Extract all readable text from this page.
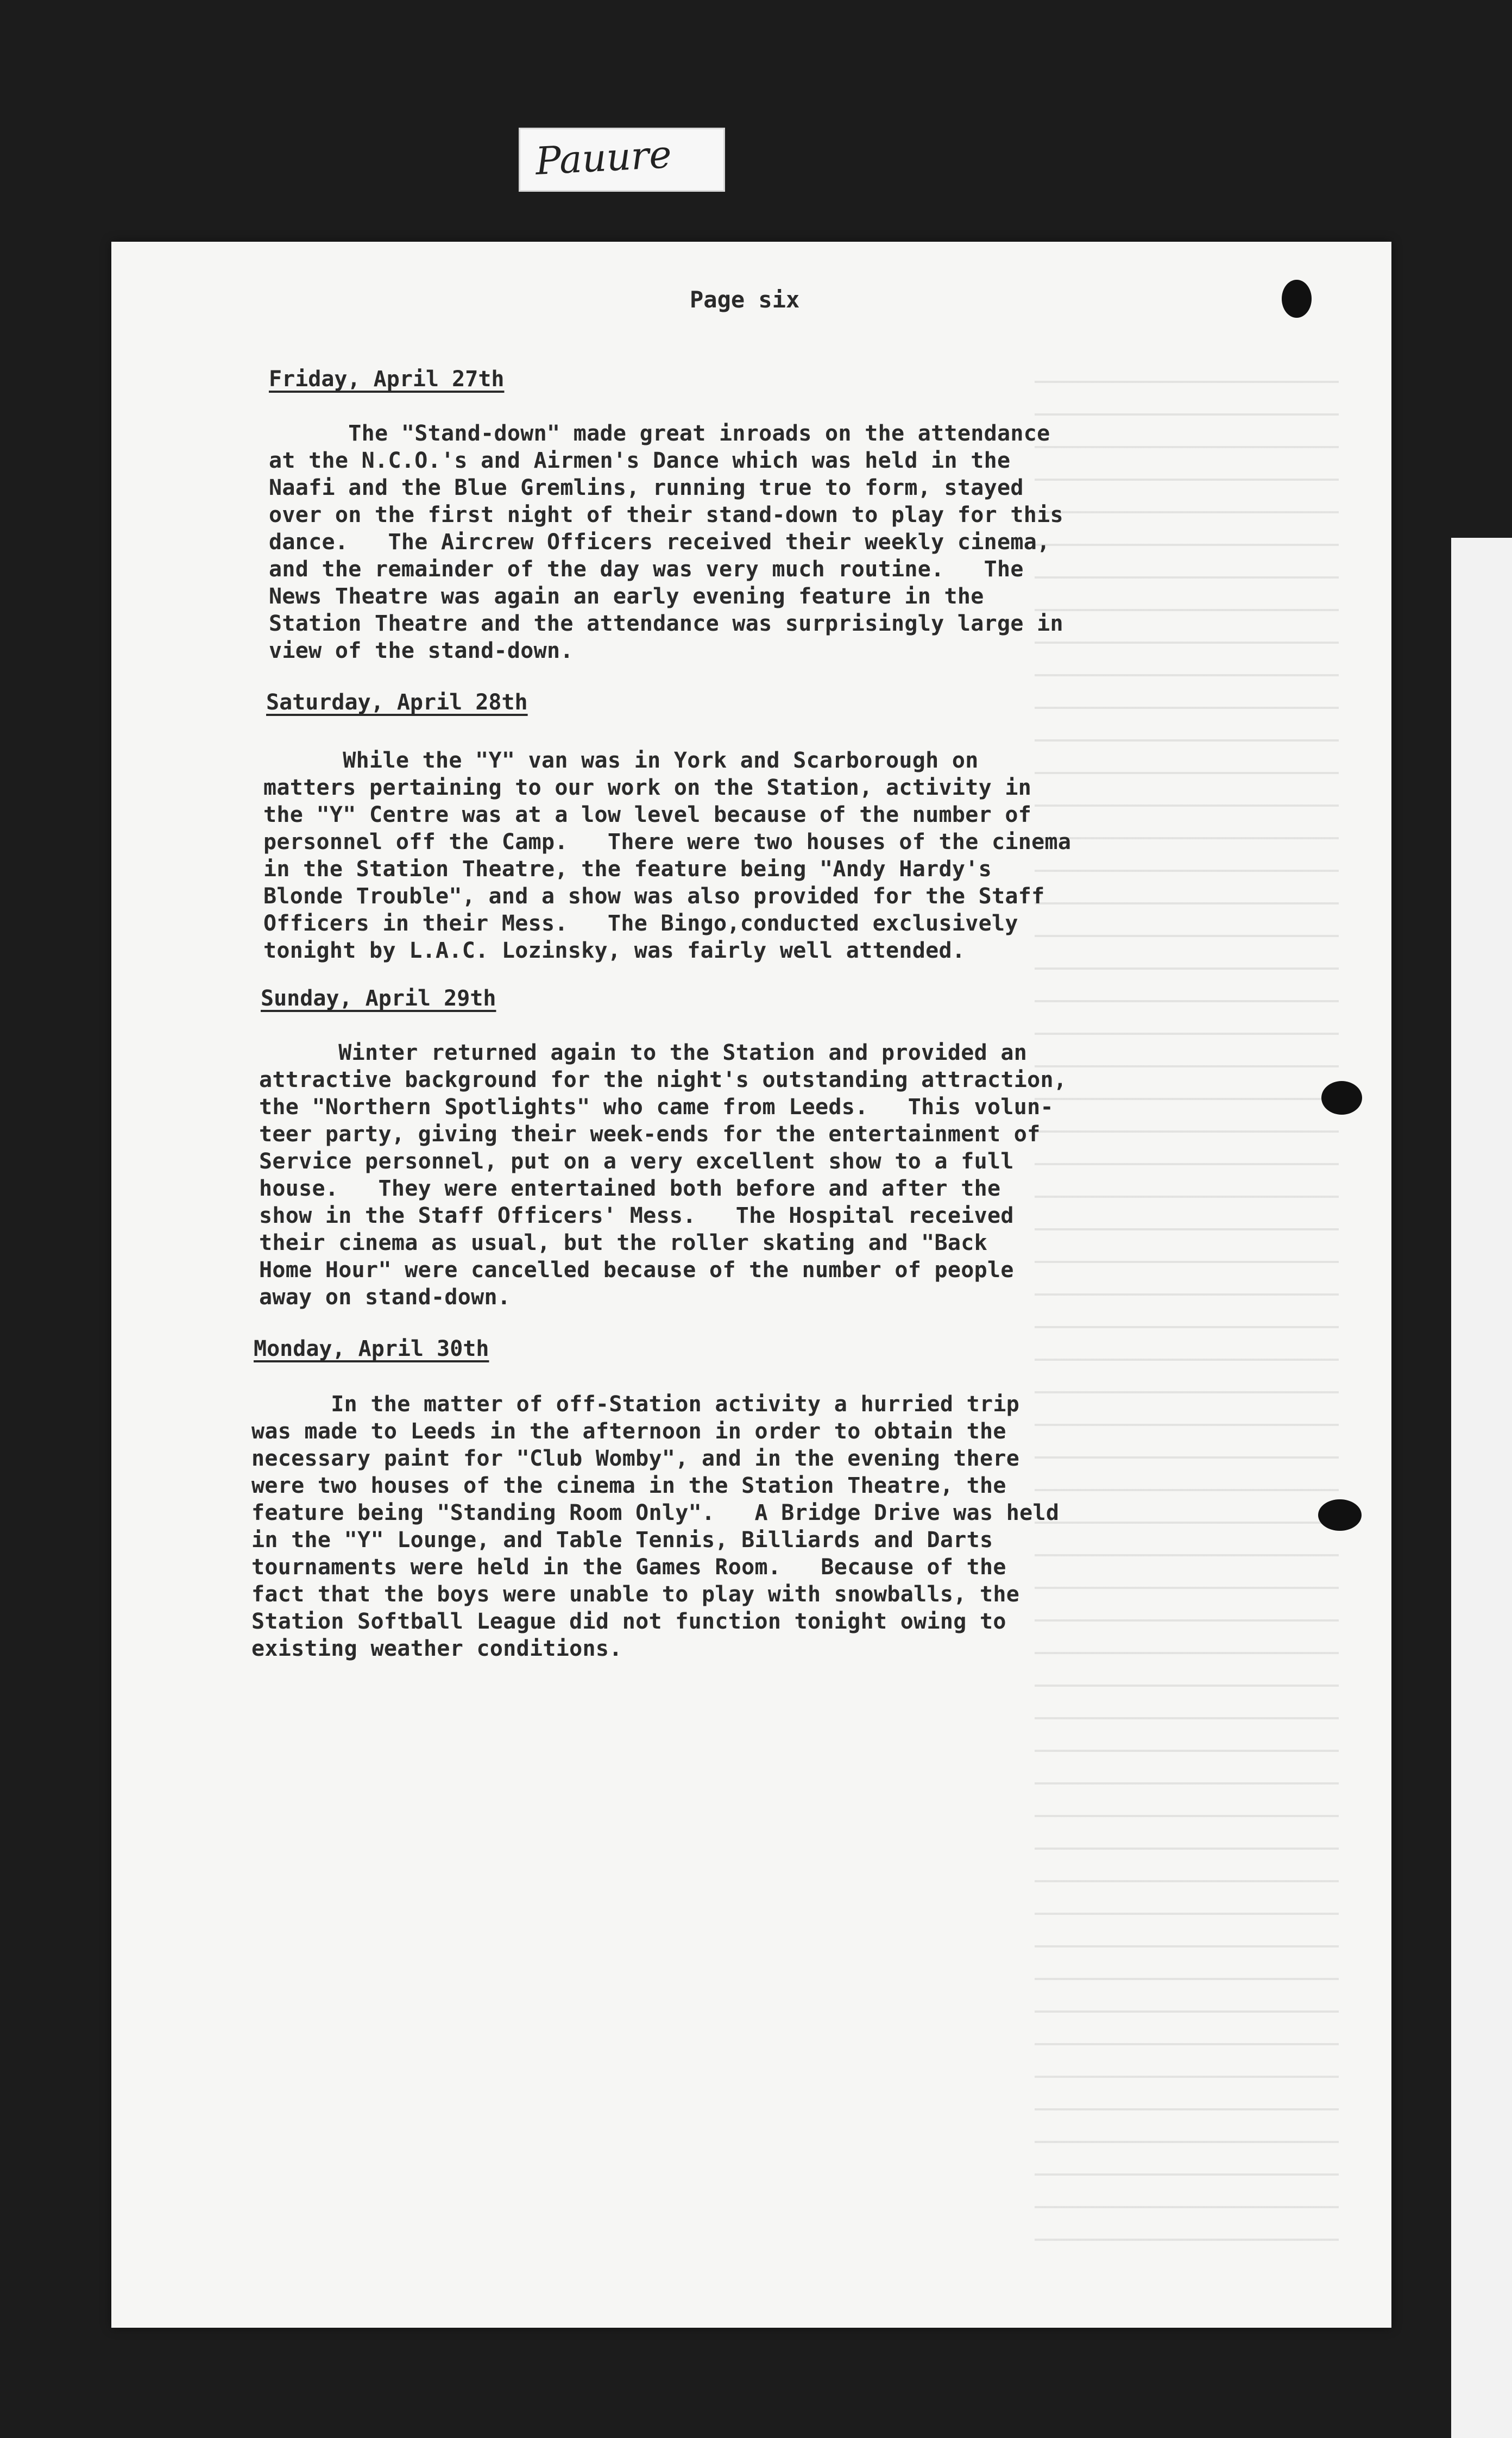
Pauure

Page six

Friday, April 27th

The "Stand-down" made great inroads on the attendance
at the N.C.O.'s and Airmen's Dance which was held in the
Naafi and the Blue Gremlins, running true to form, stayed
over on the first night of their stand-down to play for this
dance.   The Aircrew Officers received their weekly cinema,
and the remainder of the day was very much routine.   The
News Theatre was again an early evening feature in the
Station Theatre and the attendance was surprisingly large in
view of the stand-down.

Saturday, April 28th

While the "Y" van was in York and Scarborough on
matters pertaining to our work on the Station, activity in
the "Y" Centre was at a low level because of the number of
personnel off the Camp.   There were two houses of the cinema
in the Station Theatre, the feature being "Andy Hardy's
Blonde Trouble", and a show was also provided for the Staff
Officers in their Mess.   The Bingo,conducted exclusively
tonight by L.A.C. Lozinsky, was fairly well attended.

Sunday, April 29th

Winter returned again to the Station and provided an
attractive background for the night's outstanding attraction,
the "Northern Spotlights" who came from Leeds.   This volun-
teer party, giving their week-ends for the entertainment of
Service personnel, put on a very excellent show to a full
house.   They were entertained both before and after the
show in the Staff Officers' Mess.   The Hospital received
their cinema as usual, but the roller skating and "Back
Home Hour" were cancelled because of the number of people
away on stand-down.

Monday, April 30th

In the matter of off-Station activity a hurried trip
was made to Leeds in the afternoon in order to obtain the
necessary paint for "Club Womby", and in the evening there
were two houses of the cinema in the Station Theatre, the
feature being "Standing Room Only".   A Bridge Drive was held
in the "Y" Lounge, and Table Tennis, Billiards and Darts
tournaments were held in the Games Room.   Because of the
fact that the boys were unable to play with snowballs, the
Station Softball League did not function tonight owing to
existing weather conditions.
